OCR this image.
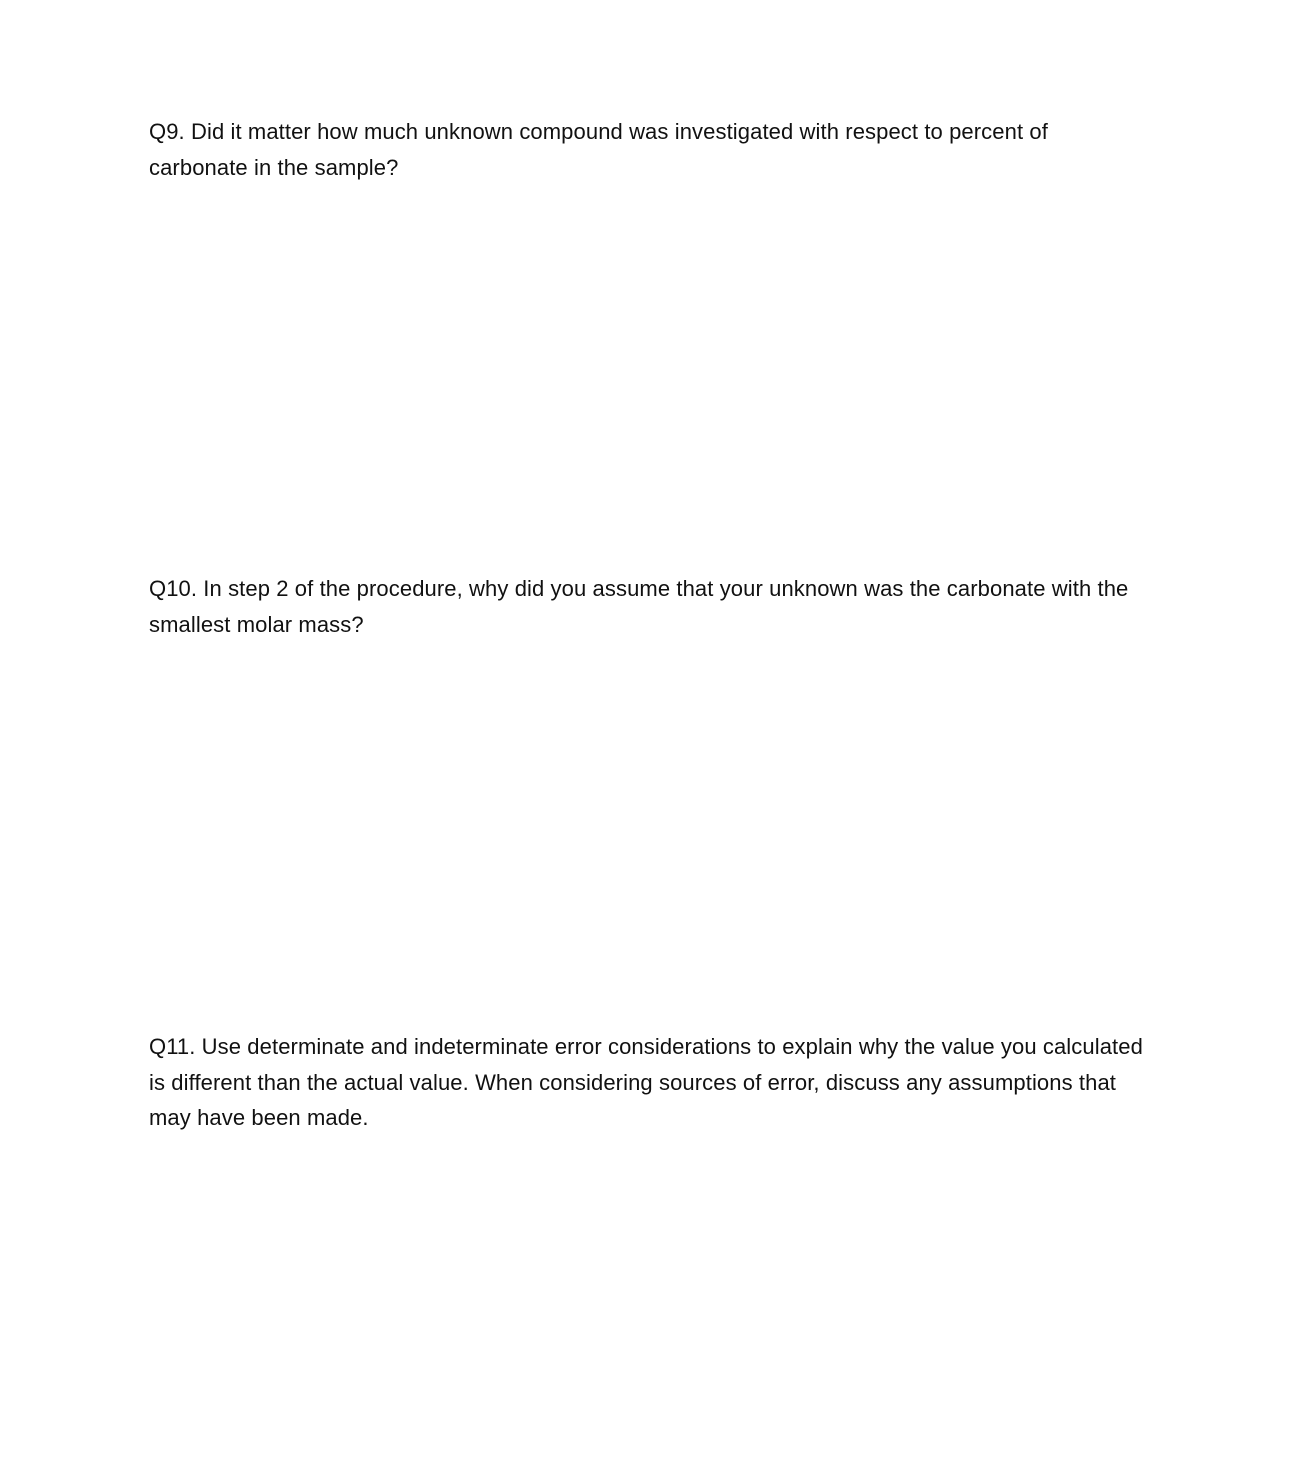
Q9. Did it matter how much unknown compound was investigated with respect to percent of carbonate in the sample?

Q10. In step 2 of the procedure, why did you assume that your unknown was the carbonate with the smallest molar mass?

Q11. Use determinate and indeterminate error considerations to explain why the value you calculated is different than the actual value. When considering sources of error, discuss any assumptions that may have been made.
